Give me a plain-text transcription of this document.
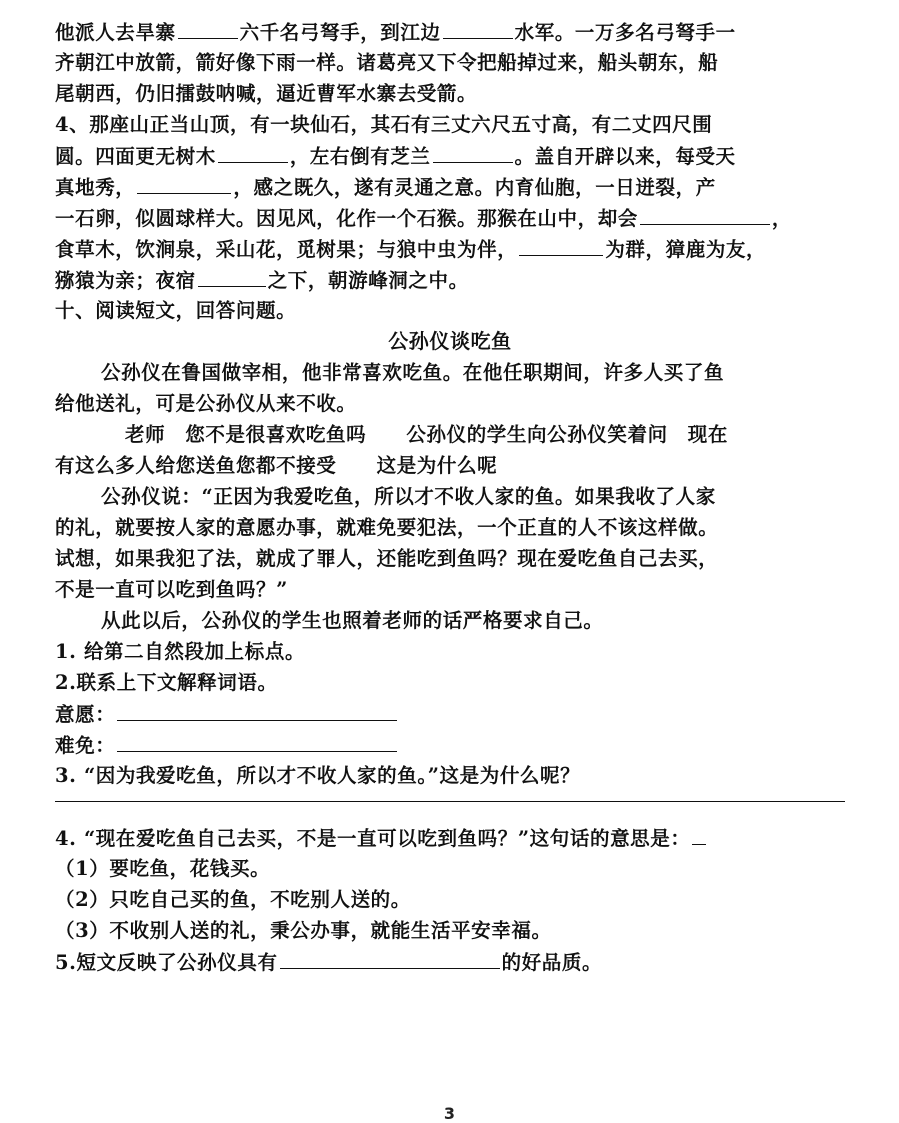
他派人去旱寨	六千名弓弩手，到江边	水军。一万多名弓弩手一
齐朝江中放箭，箭好像下雨一样。诸葛亮又下令把船掉过来，船头朝东，船
尾朝西，仍旧擂鼓呐喊，逼近曹军水寨去受箭。
4、那座山正当山顶，有一块仙石，其石有三丈六尺五寸高，有二丈四尺围
圆。四面更无树木	，左右倒有芝兰	。盖自开辟以来，每受天
真地秀，	，感之既久，遂有灵通之意。内育仙胞，一日迸裂，产
一石卵，似圆球样大。因见风，化作一个石猴。那猴在山中，却会	，
食草木，饮涧泉，采山花，觅树果；与狼中虫为伴，	为群，獐鹿为友，
猕猿为亲；夜宿	之下，朝游峰洞之中。
十、阅读短文，回答问题。
公孙仪谈吃鱼
公孙仪在鲁国做宰相，他非常喜欢吃鱼。在他任职期间，许多人买了鱼
给他送礼，可是公孙仪从来不收。
老师　您不是很喜欢吃鱼吗　　公孙仪的学生向公孙仪笑着问　现在
有这么多人给您送鱼您都不接受　　这是为什么呢
公孙仪说：“正因为我爱吃鱼，所以才不收人家的鱼。如果我收了人家
的礼，就要按人家的意愿办事，就难免要犯法，一个正直的人不该这样做。
试想，如果我犯了法，就成了罪人，还能吃到鱼吗？现在爱吃鱼自己去买，
不是一直可以吃到鱼吗？”
从此以后，公孙仪的学生也照着老师的话严格要求自己。
1. 给第二自然段加上标点。
2.联系上下文解释词语。
意愿：
难免：
3. “因为我爱吃鱼，所以才不收人家的鱼。”这是为什么呢？
4. “现在爱吃鱼自己去买，不是一直可以吃到鱼吗？”这句话的意思是：
（1）要吃鱼，花钱买。
（2）只吃自己买的鱼，不吃别人送的。
（3）不收别人送的礼，秉公办事，就能生活平安幸福。
5.短文反映了公孙仪具有	的好品质。
3
